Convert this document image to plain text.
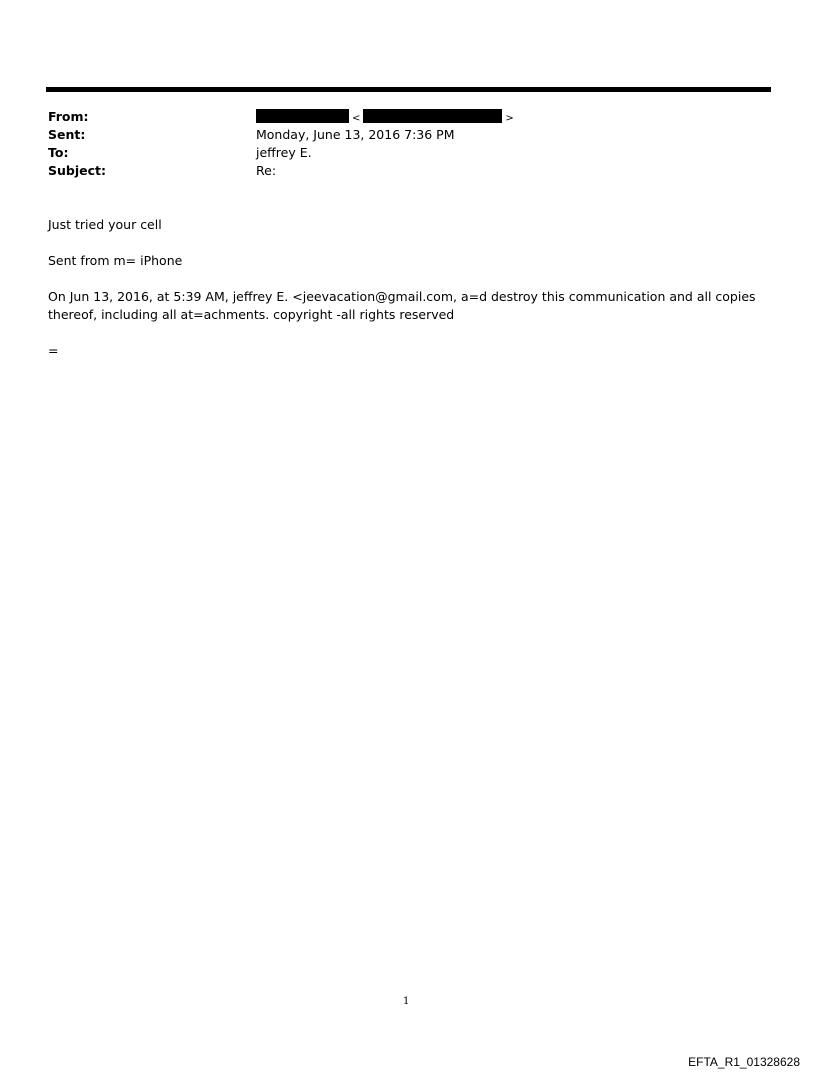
From:	<	>
Sent:	Monday, June 13, 2016 7:36 PM
To:	jeffrey E.
Subject:	Re:
Just tried your cell
Sent from m= iPhone
On Jun 13, 2016, at 5:39 AM, jeffrey E. <jeevacation@gmail.com, a=d destroy this communication and all copies thereof, including all at=achments. copyright -all rights reserved
=
1
EFTA_R1_01328628
